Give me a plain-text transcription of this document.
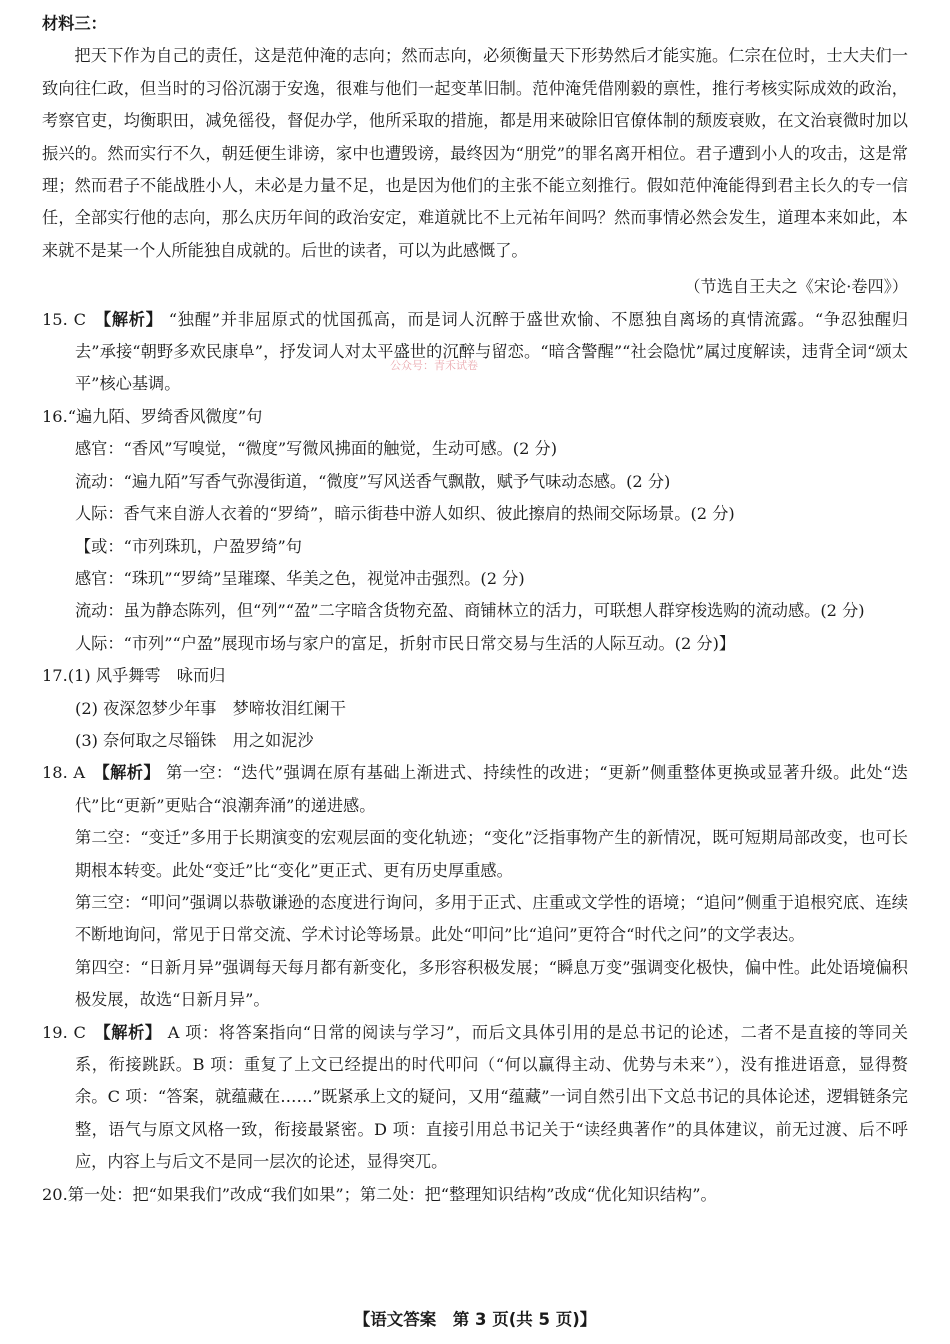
材料三：

把天下作为自己的责任，这是范仲淹的志向；然而志向，必须衡量天下形势然后才能实施。仁宗在位时，士大夫们一致向往仁政，但当时的习俗沉溺于安逸，很难与他们一起变革旧制。范仲淹凭借刚毅的禀性，推行考核实际成效的政治，考察官吏，均衡职田，减免徭役，督促办学，他所采取的措施，都是用来破除旧官僚体制的颓废衰败，在文治衰微时加以振兴的。然而实行不久，朝廷便生诽谤，家中也遭毁谤，最终因为“朋党”的罪名离开相位。君子遭到小人的攻击，这是常理；然而君子不能战胜小人，未必是力量不足，也是因为他们的主张不能立刻推行。假如范仲淹能得到君主长久的专一信任，全部实行他的志向，那么庆历年间的政治安定，难道就比不上元祐年间吗？然而事情必然会发生，道理本来如此，本来就不是某一个人所能独自成就的。后世的读者，可以为此感慨了。

（节选自王夫之《宋论·卷四》）

15. C 【解析】 “独醒”并非屈原式的忧国孤高，而是词人沉醉于盛世欢愉、不愿独自离场的真情流露。“争忍独醒归去”承接“朝野多欢民康阜”，抒发词人对太平盛世的沉醉与留恋。“暗含警醒”“社会隐忧”属过度解读，违背全词“颂太平”核心基调。

16.“遍九陌、罗绮香风微度”句
感官：“香风”写嗅觉，“微度”写微风拂面的触觉，生动可感。(2 分)
流动：“遍九陌”写香气弥漫街道，“微度”写风送香气飘散，赋予气味动态感。(2 分)
人际：香气来自游人衣着的“罗绮”，暗示街巷中游人如织、彼此擦肩的热闹交际场景。(2 分)
【或：“市列珠玑，户盈罗绮”句
感官：“珠玑”“罗绮”呈璀璨、华美之色，视觉冲击强烈。(2 分)
流动：虽为静态陈列，但“列”“盈”二字暗含货物充盈、商铺林立的活力，可联想人群穿梭选购的流动感。(2 分)
人际：“市列”“户盈”展现市场与家户的富足，折射市民日常交易与生活的人际互动。(2 分)】
17.(1) 风乎舞雩　咏而归
(2) 夜深忽梦少年事　梦啼妆泪红阑干
(3) 奈何取之尽锱铢　用之如泥沙
18. A 【解析】 第一空：“迭代”强调在原有基础上渐进式、持续性的改进；“更新”侧重整体更换或显著升级。此处“迭代”比“更新”更贴合“浪潮奔涌”的递进感。
第二空：“变迁”多用于长期演变的宏观层面的变化轨迹；“变化”泛指事物产生的新情况，既可短期局部改变，也可长期根本转变。此处“变迁”比“变化”更正式、更有历史厚重感。
第三空：“叩问”强调以恭敬谦逊的态度进行询问，多用于正式、庄重或文学性的语境；“追问”侧重于追根究底、连续不断地询问，常见于日常交流、学术讨论等场景。此处“叩问”比“追问”更符合“时代之问”的文学表达。
第四空：“日新月异”强调每天每月都有新变化，多形容积极发展；“瞬息万变”强调变化极快，偏中性。此处语境偏积极发展，故选“日新月异”。

19. C 【解析】 A 项：将答案指向“日常的阅读与学习”，而后文具体引用的是总书记的论述，二者不是直接的等同关系，衔接跳跃。B 项：重复了上文已经提出的时代叩问（“何以赢得主动、优势与未来”），没有推进语意，显得赘余。C 项：“答案，就蕴藏在……”既紧承上文的疑问，又用“蕴藏”一词自然引出下文总书记的具体论述，逻辑链条完整，语气与原文风格一致，衔接最紧密。D 项：直接引用总书记关于“读经典著作”的具体建议，前无过渡、后不呼应，内容上与后文不是同一层次的论述，显得突兀。

20.第一处：把“如果我们”改成“我们如果”；第二处：把“整理知识结构”改成“优化知识结构”。

公众号：青禾试卷
【语文答案　第 3 页(共 5 页)】
